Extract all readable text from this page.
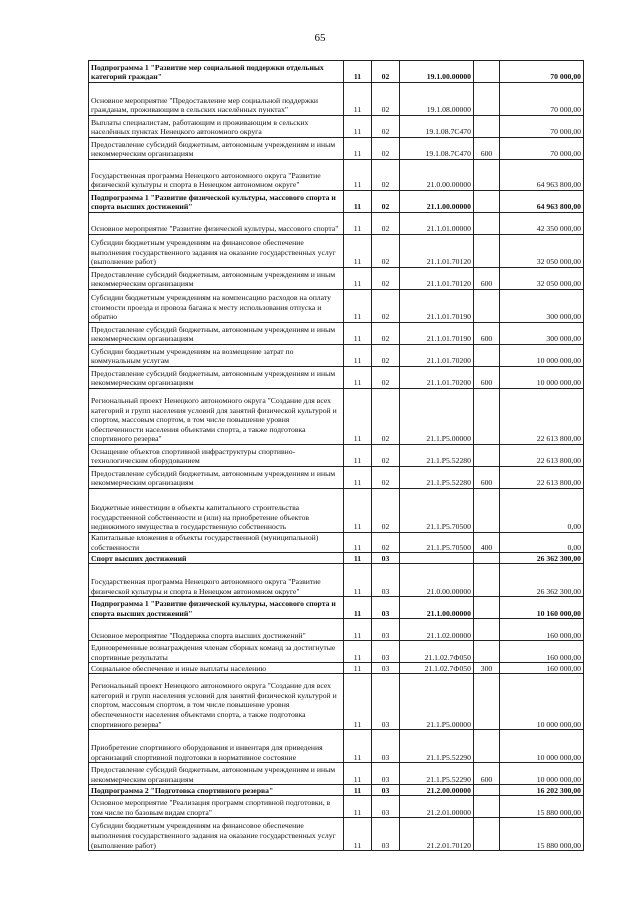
65
Подпрограмма 1 "Развитие мер социальной поддержки отдельных категорий граждан"	11	02	19.1.00.00000		70 000,00
Основное мероприятие "Предоставление мер социальной поддержки гражданам, проживающим в сельских населённых пунктах"	11	02	19.1.08.00000		70 000,00
Выплаты специалистам, работающим и проживающим в сельских населённых пунктах Ненецкого автономного округа	11	02	19.1.08.7С470		70 000,00
Предоставление субсидий бюджетным, автономным учреждениям и иным некоммерческим организациям	11	02	19.1.08.7С470	600	70 000,00
Государственная программа Ненецкого автономного округа "Развитие физической культуры и спорта в Ненецком автономном округе"	11	02	21.0.00.00000		64 963 800,00
Подпрограмма 1 "Развитие физической культуры, массового спорта и спорта высших достижений"	11	02	21.1.00.00000		64 963 800,00
Основное мероприятие "Развитие физической культуры, массового спорта"	11	02	21.1.01.00000		42 350 000,00
Субсидии бюджетным учреждениям на финансовое обеспечение выполнения государственного задания на оказание государственных услуг (выполнение работ)	11	02	21.1.01.70120		32 050 000,00
Предоставление субсидий бюджетным, автономным учреждениям и иным некоммерческим организациям	11	02	21.1.01.70120	600	32 050 000,00
Субсидии бюджетным учреждениям на компенсацию расходов на оплату стоимости проезда и провоза багажа к месту использования отпуска и обратно	11	02	21.1.01.70190		300 000,00
Предоставление субсидий бюджетным, автономным учреждениям и иным некоммерческим организациям	11	02	21.1.01.70190	600	300 000,00
Субсидии бюджетным учреждениям на возмещение затрат по коммунальным услугам	11	02	21.1.01.70200		10 000 000,00
Предоставление субсидий бюджетным, автономным учреждениям и иным некоммерческим организациям	11	02	21.1.01.70200	600	10 000 000,00
Региональный проект Ненецкого автономного округа "Создание для всех категорий и групп населения условий для занятий физической культурой и спортом, массовым спортом, в том числе повышение уровня обеспеченности населения объектами спорта, а также подготовка спортивного резерва"	11	02	21.1.Р5.00000		22 613 800,00
Оснащение объектов спортивной инфраструктуры спортивно-технологическим оборудованием	11	02	21.1.Р5.52280		22 613 800,00
Предоставление субсидий бюджетным, автономным учреждениям и иным некоммерческим организациям	11	02	21.1.Р5.52280	600	22 613 800,00
Бюджетные инвестиции в объекты капитального строительства государственной собственности и (или) на приобретение объектов недвижимого имущества в государственную собственность	11	02	21.1.Р5.70500		0,00
Капитальные вложения в объекты государственной (муниципальной) собственности	11	02	21.1.Р5.70500	400	0,00
Спорт высших достижений	11	03			26 362 300,00
Государственная программа Ненецкого автономного округа "Развитие физической культуры и спорта в Ненецком автономном округе"	11	03	21.0.00.00000		26 362 300,00
Подпрограмма 1 "Развитие физической культуры, массового спорта и спорта высших достижений"	11	03	21.1.00.00000		10 160 000,00
Основное мероприятие "Поддержка спорта высших достижений"	11	03	21.1.02.00000		160 000,00
Единовременные вознаграждения членам сборных команд за достигнутые спортивные результаты	11	03	21.1.02.7Ф050		160 000,00
Социальное обеспечение и иные выплаты населению	11	03	21.1.02.7Ф050	300	160 000,00
Региональный проект Ненецкого автономного округа "Создание для всех категорий и групп населения условий для занятий физической культурой и спортом, массовым спортом, в том числе повышение уровня обеспеченности населения объектами спорта, а также подготовка спортивного резерва"	11	03	21.1.Р5.00000		10 000 000,00
Приобретение спортивного оборудования и инвентаря для приведения организаций спортивной подготовки в нормативное состояние	11	03	21.1.Р5.52290		10 000 000,00
Предоставление субсидий бюджетным, автономным учреждениям и иным некоммерческим организациям	11	03	21.1.Р5.52290	600	10 000 000,00
Подпрограмма 2 "Подготовка спортивного резерва"	11	03	21.2.00.00000		16 202 300,00
Основное мероприятие "Реализация программ спортивной подготовки, в том числе по базовым видам спорта"	11	03	21.2.01.00000		15 880 000,00
Субсидии бюджетным учреждениям на финансовое обеспечение выполнения государственного задания на оказание государственных услуг (выполнение работ)	11	03	21.2.01.70120		15 880 000,00
